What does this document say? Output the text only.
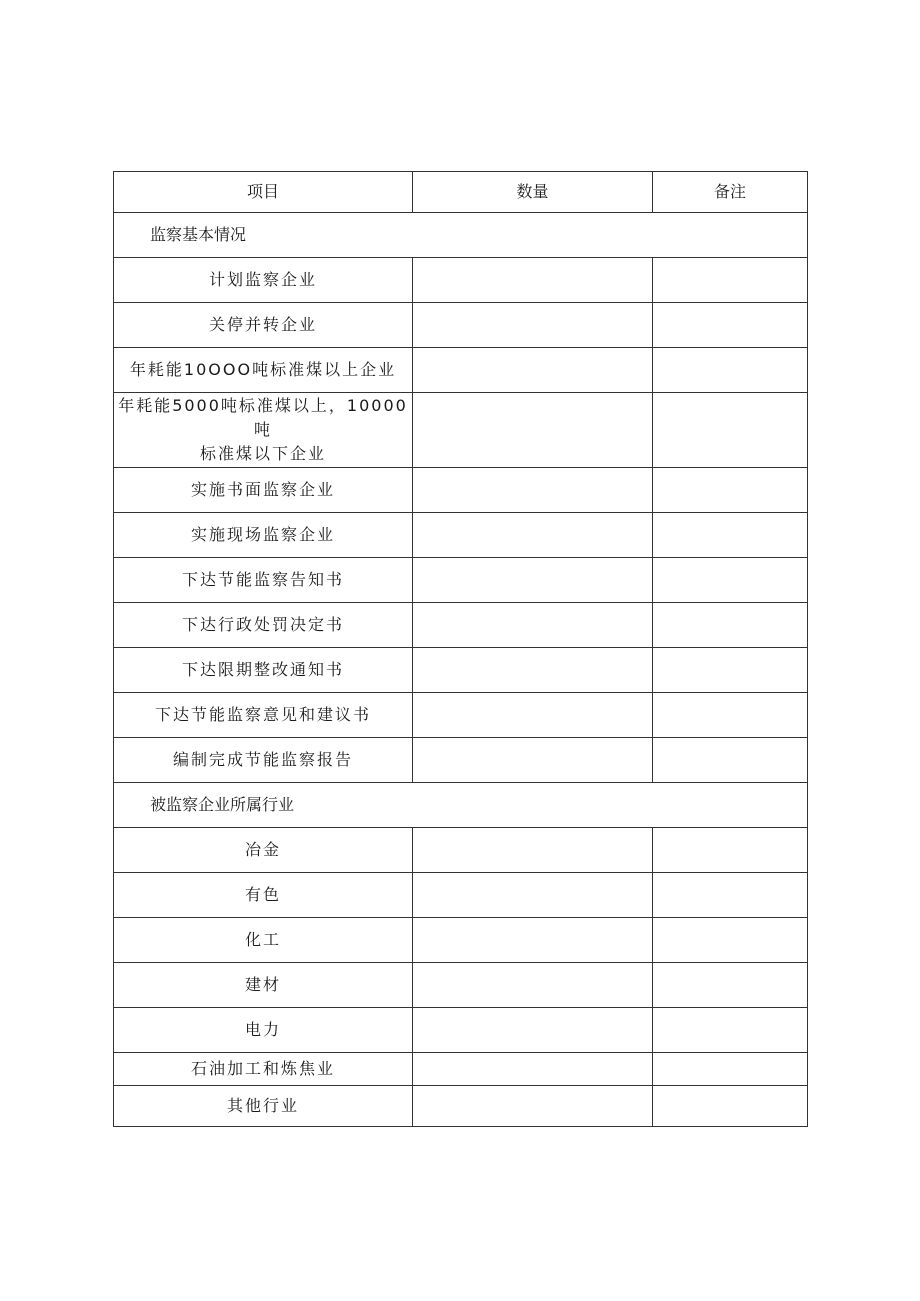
项目	数量	备注
监察基本情况		
计划监察企业		
关停并转企业		
年耗能10OOO吨标准煤以上企业		

年耗能5000吨标准煤以上，10000吨
标准煤以下企业		

实施书面监察企业		
实施现场监察企业		
下达节能监察告知书		
下达行政处罚决定书		
下达限期整改通知书		
下达节能监察意见和建议书		
编制完成节能监察报告		
被监察企业所属行业		
冶金		
有色		
化工		
建材		
电力		
石油加工和炼焦业		
其他行业		
